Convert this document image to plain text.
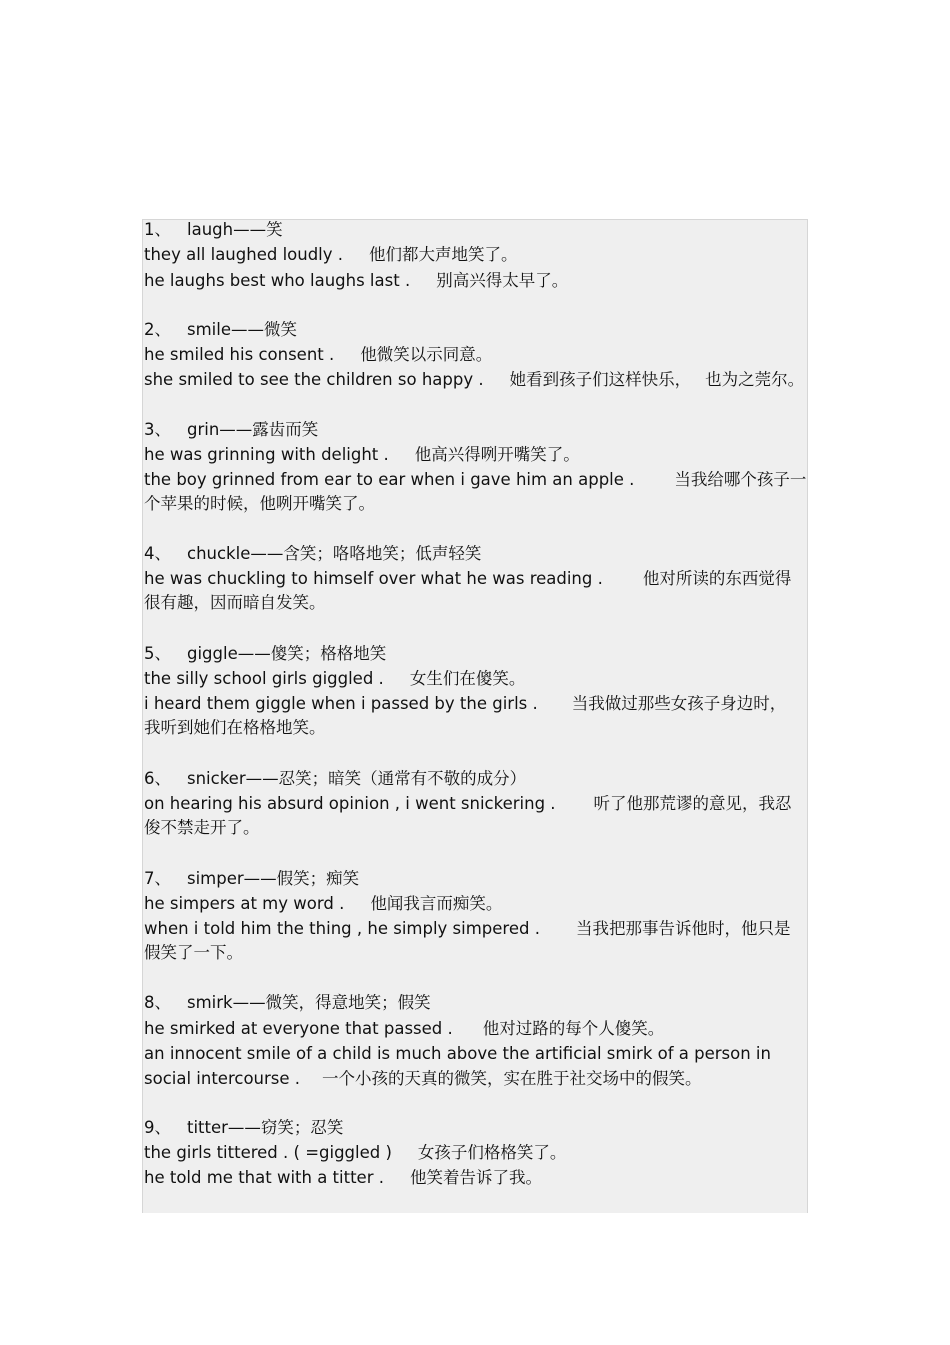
1、 laugh——笑
they all laughed loudly . 他们都大声地笑了。
he laughs best who laughs last . 别高兴得太早了。
2、 smile——微笑
he smiled his consent . 他微笑以示同意。
she smiled to see the children so happy . 她看到孩子们这样快乐， 也为之莞尔。
3、 grin——露齿而笑
he was grinning with delight . 他高兴得咧开嘴笑了。
the boy grinned from ear to ear when i gave him an apple . 当我给哪个孩子一
个苹果的时候，他咧开嘴笑了。
4、 chuckle——含笑；咯咯地笑；低声轻笑
he was chuckling to himself over what he was reading . 他对所读的东西觉得
很有趣，因而暗自发笑。
5、 giggle——傻笑；格格地笑
the silly school girls giggled . 女生们在傻笑。
i heard them giggle when i passed by the girls . 当我做过那些女孩子身边时，
我听到她们在格格地笑。
6、 snicker——忍笑；暗笑（通常有不敬的成分）
on hearing his absurd opinion , i went snickering . 听了他那荒谬的意见，我忍
俊不禁走开了。
7、 simper——假笑；痴笑
he simpers at my word . 他闻我言而痴笑。
when i told him the thing , he simply simpered . 当我把那事告诉他时，他只是
假笑了一下。
8、 smirk——微笑，得意地笑；假笑
he smirked at everyone that passed . 他对过路的每个人傻笑。
an innocent smile of a child is much above the artificial smirk of a person in
social intercourse . 一个小孩的天真的微笑，实在胜于社交场中的假笑。
9、 titter——窃笑；忍笑
the girls tittered . ( =giggled ) 女孩子们格格笑了。
he told me that with a titter . 他笑着告诉了我。
